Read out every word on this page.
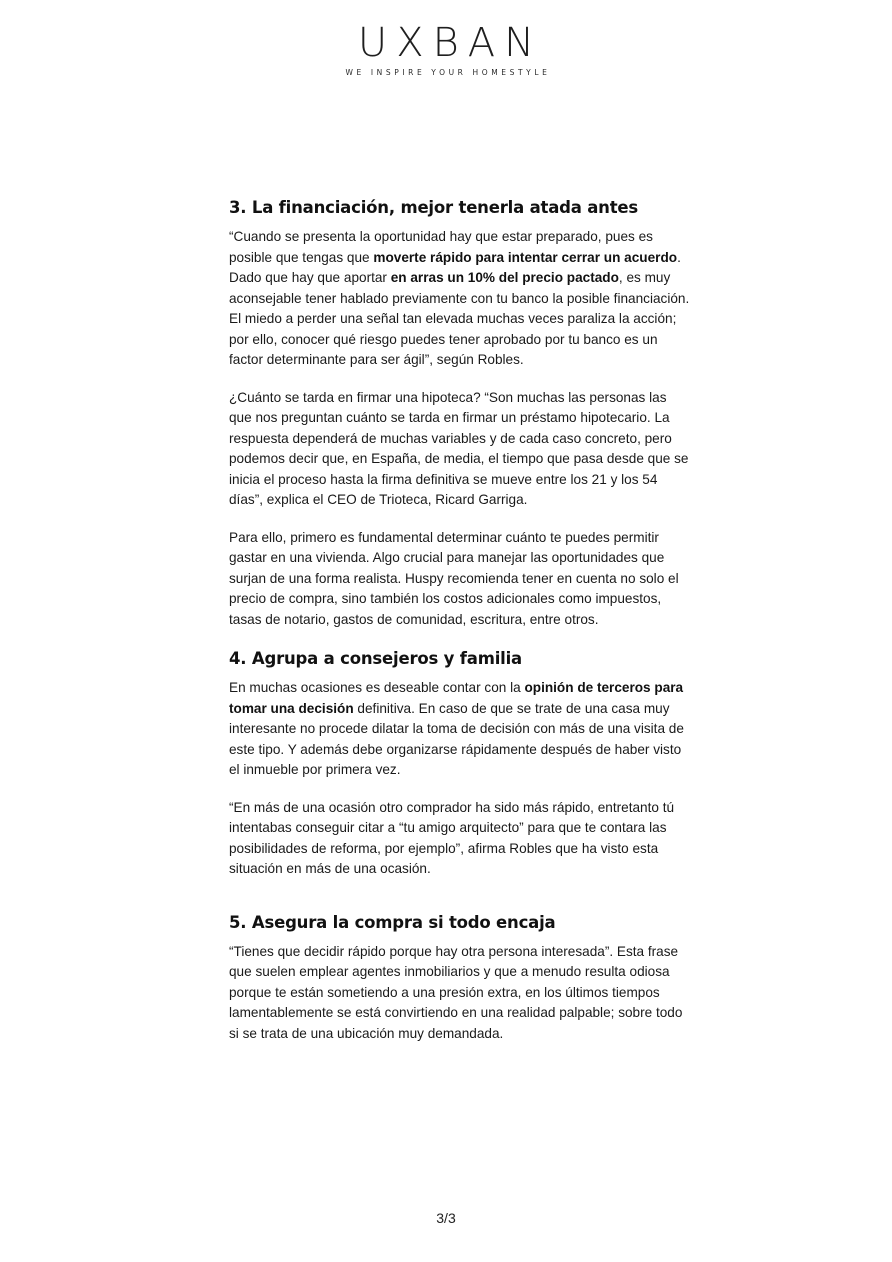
UXBAN
WE INSPIRE YOUR HOMESTYLE
3. La financiación, mejor tenerla atada antes

“Cuando se presenta la oportunidad hay que estar preparado, pues es posible que tengas que moverte rápido para intentar cerrar un acuerdo. Dado que hay que aportar en arras un 10% del precio pactado, es muy aconsejable tener hablado previamente con tu banco la posible financiación. El miedo a perder una señal tan elevada muchas veces paraliza la acción; por ello, conocer qué riesgo puedes tener aprobado por tu banco es un factor determinante para ser ágil”, según Robles.

¿Cuánto se tarda en firmar una hipoteca? “Son muchas las personas las que nos preguntan cuánto se tarda en firmar un préstamo hipotecario. La respuesta dependerá de muchas variables y de cada caso concreto, pero podemos decir que, en España, de media, el tiempo que pasa desde que se inicia el proceso hasta la firma definitiva se mueve entre los 21 y los 54 días”, explica el CEO de Trioteca, Ricard Garriga.

Para ello, primero es fundamental determinar cuánto te puedes permitir gastar en una vivienda. Algo crucial para manejar las oportunidades que surjan de una forma realista. Huspy recomienda tener en cuenta no solo el precio de compra, sino también los costos adicionales como impuestos, tasas de notario, gastos de comunidad, escritura, entre otros.

4. Agrupa a consejeros y familia

En muchas ocasiones es deseable contar con la opinión de terceros para tomar una decisión definitiva. En caso de que se trate de una casa muy interesante no procede dilatar la toma de decisión con más de una visita de este tipo. Y además debe organizarse rápidamente después de haber visto el inmueble por primera vez.

“En más de una ocasión otro comprador ha sido más rápido, entretanto tú intentabas conseguir citar a “tu amigo arquitecto” para que te contara las posibilidades de reforma, por ejemplo”, afirma Robles que ha visto esta situación en más de una ocasión.

5. Asegura la compra si todo encaja

“Tienes que decidir rápido porque hay otra persona interesada”. Esta frase que suelen emplear agentes inmobiliarios y que a menudo resulta odiosa porque te están sometiendo a una presión extra, en los últimos tiempos lamentablemente se está convirtiendo en una realidad palpable; sobre todo si se trata de una ubicación muy demandada.

3/3
